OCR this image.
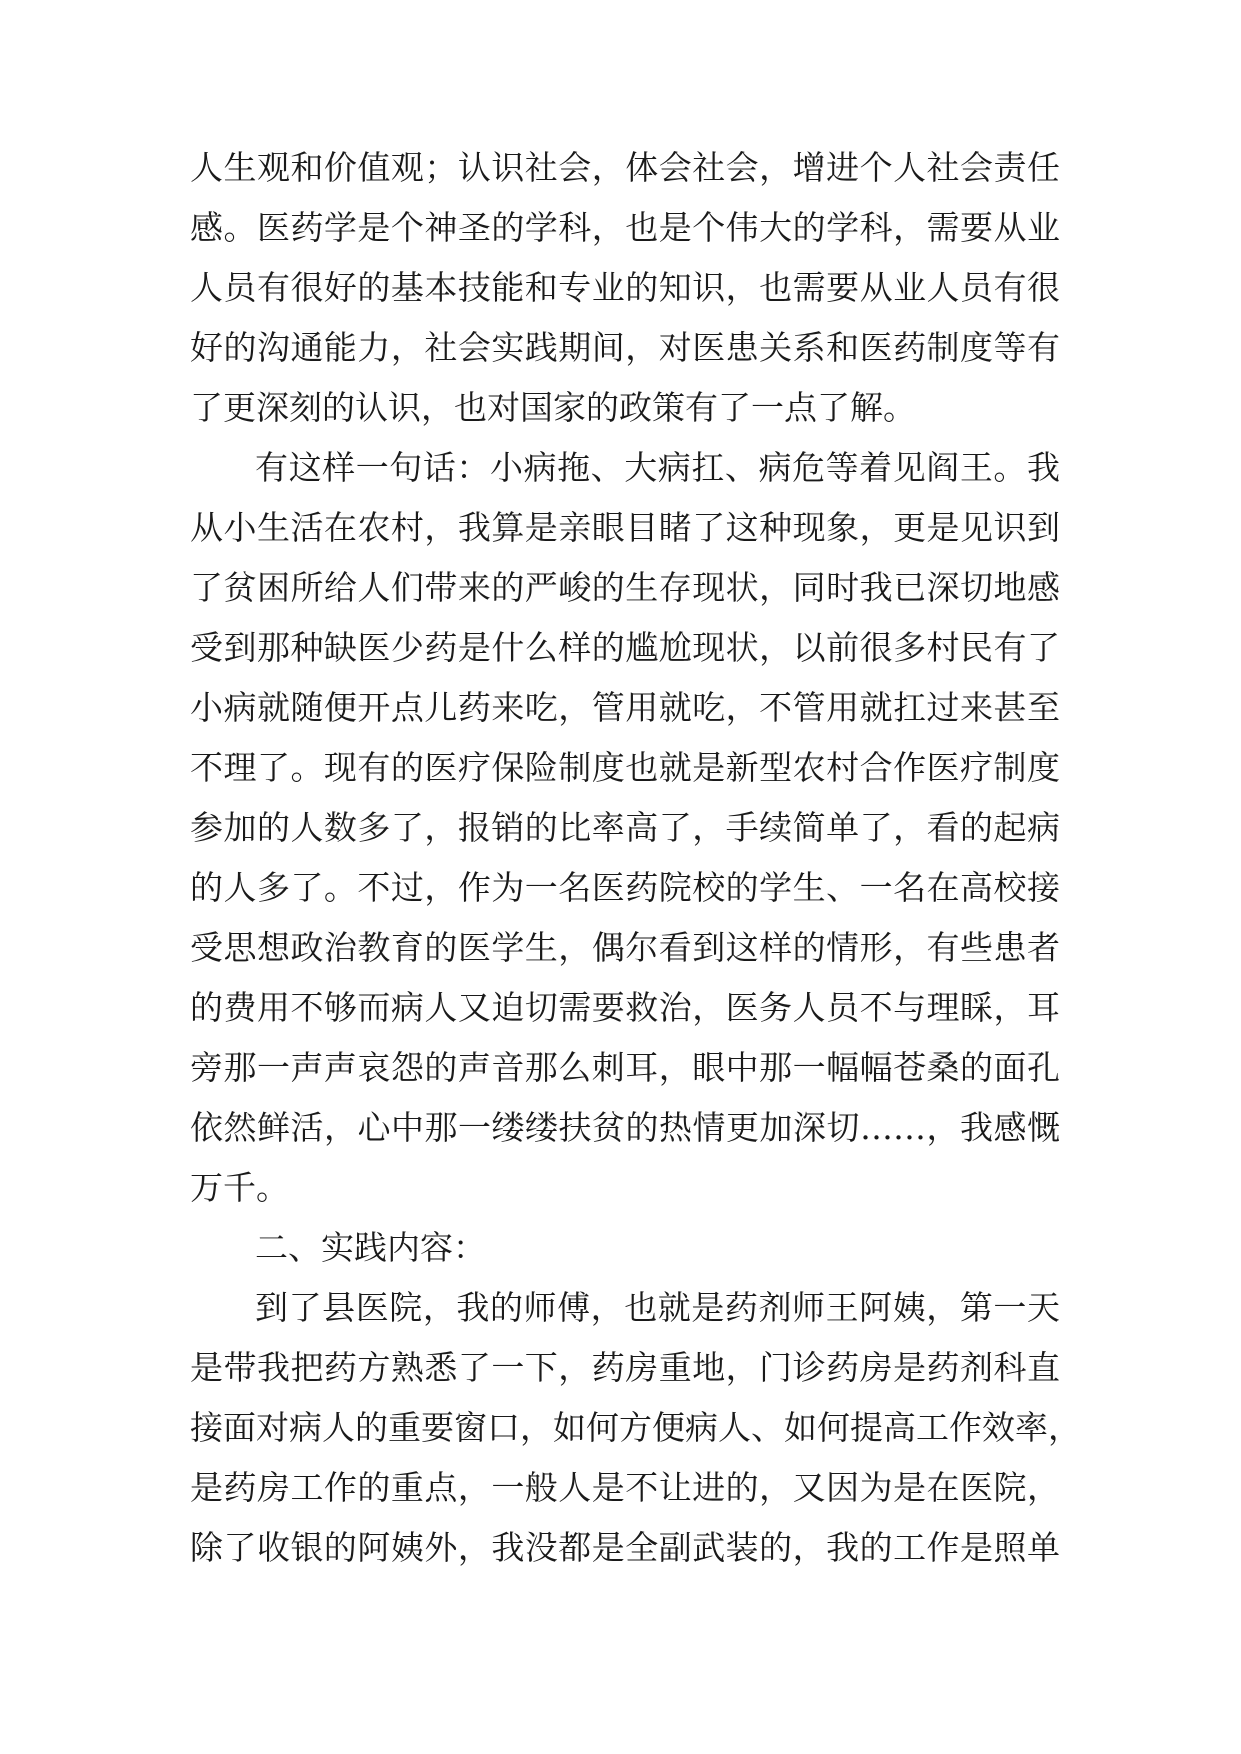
人生观和价值观；认识社会，体会社会，增进个人社会责任
感。医药学是个神圣的学科，也是个伟大的学科，需要从业
人员有很好的基本技能和专业的知识，也需要从业人员有很
好的沟通能力，社会实践期间，对医患关系和医药制度等有
了更深刻的认识，也对国家的政策有了一点了解。
有这样一句话：小病拖、大病扛、病危等着见阎王。我
从小生活在农村，我算是亲眼目睹了这种现象，更是见识到
了贫困所给人们带来的严峻的生存现状，同时我已深切地感
受到那种缺医少药是什么样的尴尬现状，以前很多村民有了
小病就随便开点儿药来吃，管用就吃，不管用就扛过来甚至
不理了。现有的医疗保险制度也就是新型农村合作医疗制度
参加的人数多了，报销的比率高了，手续简单了，看的起病
的人多了。不过，作为一名医药院校的学生、一名在高校接
受思想政治教育的医学生，偶尔看到这样的情形，有些患者
的费用不够而病人又迫切需要救治，医务人员不与理睬，耳
旁那一声声哀怨的声音那么刺耳，眼中那一幅幅苍桑的面孔
依然鲜活，心中那一缕缕扶贫的热情更加深切……，我感慨
万千。
二、实践内容：
到了县医院，我的师傅，也就是药剂师王阿姨，第一天
是带我把药方熟悉了一下，药房重地，门诊药房是药剂科直
接面对病人的重要窗口，如何方便病人、如何提高工作效率，
是药房工作的重点，一般人是不让进的，又因为是在医院，
除了收银的阿姨外，我没都是全副武装的，我的工作是照单
